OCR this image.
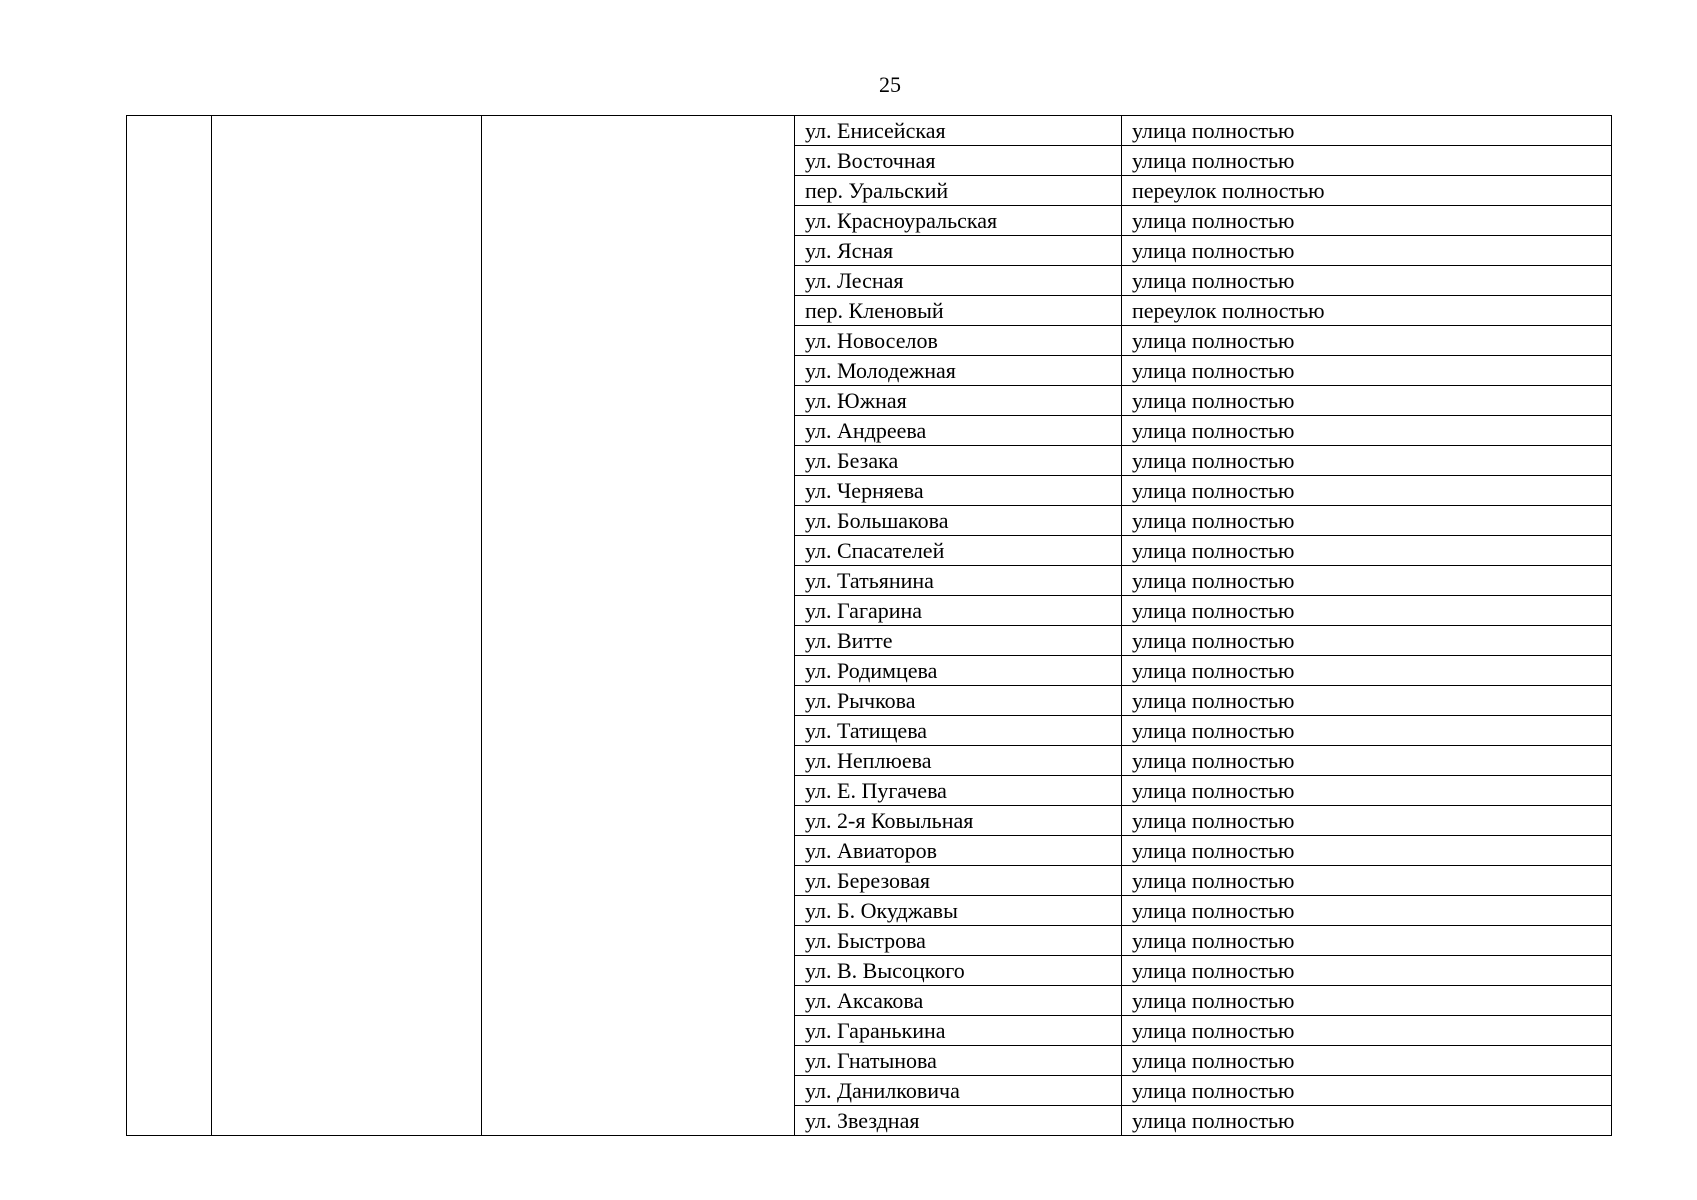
25
			ул. Енисейская	улица полностью
			ул. Восточная	улица полностью
			пер. Уральский	переулок полностью
			ул. Красноуральская	улица полностью
			ул. Ясная	улица полностью
			ул. Лесная	улица полностью
			пер. Кленовый	переулок полностью
			ул. Новоселов	улица полностью
			ул. Молодежная	улица полностью
			ул. Южная	улица полностью
			ул. Андреева	улица полностью
			ул. Безака	улица полностью
			ул. Черняева	улица полностью
			ул. Большакова	улица полностью
			ул. Спасателей	улица полностью
			ул. Татьянина	улица полностью
			ул. Гагарина	улица полностью
			ул. Витте	улица полностью
			ул. Родимцева	улица полностью
			ул. Рычкова	улица полностью
			ул. Татищева	улица полностью
			ул. Неплюева	улица полностью
			ул. Е. Пугачева	улица полностью
			ул. 2-я Ковыльная	улица полностью
			ул. Авиаторов	улица полностью
			ул. Березовая	улица полностью
			ул. Б. Окуджавы	улица полностью
			ул. Быстрова	улица полностью
			ул. В. Высоцкого	улица полностью
			ул. Аксакова	улица полностью
			ул. Гаранькина	улица полностью
			ул. Гнатынова	улица полностью
			ул. Данилковича	улица полностью
			ул. Звездная	улица полностью
